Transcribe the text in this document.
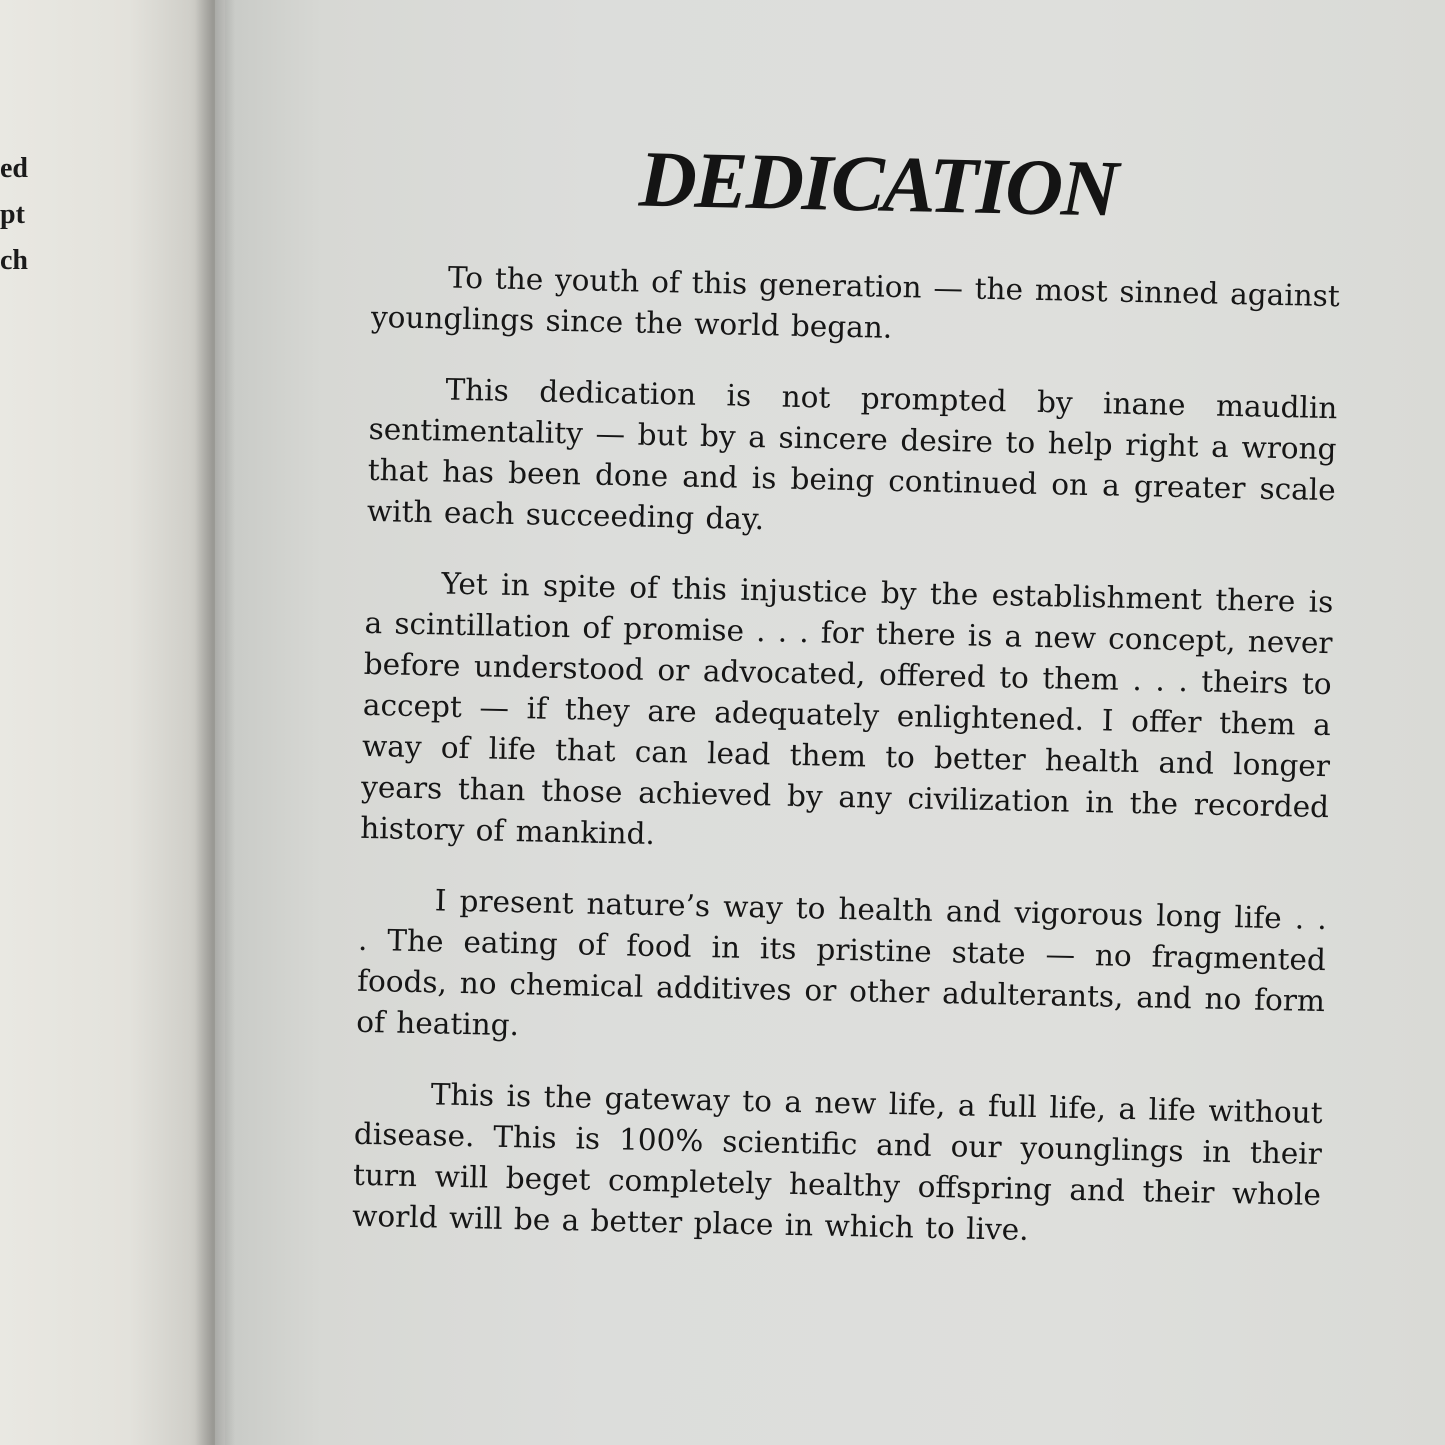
ed
pt
ch
DEDICATION

To the youth of this generation — the most sinned against younglings since the world began.

This dedication is not prompted by inane maudlin sentimentality — but by a sincere desire to help right a wrong that has been done and is being continued on a greater scale with each succeeding day.

Yet in spite of this injustice by the establishment there is a scintillation of promise . . . for there is a new concept, never before understood or advocated, offered to them . . . theirs to accept — if they are adequately enlightened. I offer them a way of life that can lead them to better health and longer years than those achieved by any civilization in the recorded history of mankind.

I present nature’s way to health and vigorous long life . . . The eating of food in its pristine state — no fragmented foods, no chemical additives or other adulterants, and no form of heating.

This is the gateway to a new life, a full life, a life without disease. This is 100% scientific and our younglings in their turn will beget completely healthy offspring and their whole world will be a better place in which to live.
